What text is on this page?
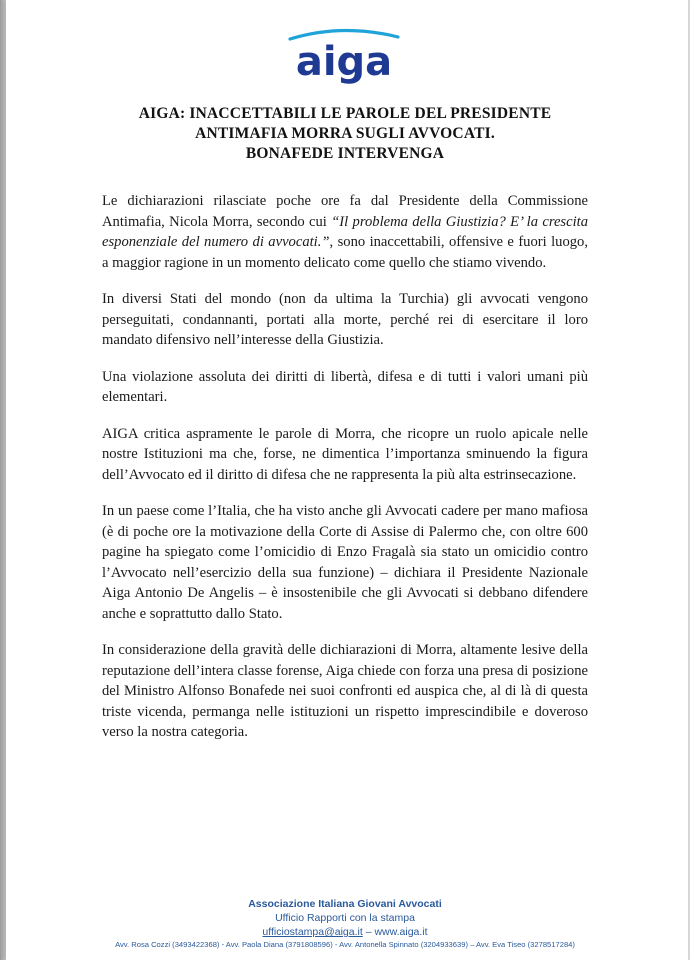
aiga
AIGA: INACCETTABILI LE PAROLE DEL PRESIDENTE
ANTIMAFIA MORRA SUGLI AVVOCATI.
BONAFEDE INTERVENGA

Le dichiarazioni rilasciate poche ore fa dal Presidente della Commissione Antimafia, Nicola Morra, secondo cui “Il problema della Giustizia? E’ la crescita esponenziale del numero di avvocati.”, sono inaccettabili, offensive e fuori luogo, a maggior ragione in un momento delicato come quello che stiamo vivendo.

In diversi Stati del mondo (non da ultima la Turchia) gli avvocati vengono perseguitati, condannanti, portati alla morte, perché rei di esercitare il loro mandato difensivo nell’interesse della Giustizia.

Una violazione assoluta dei diritti di libertà, difesa e di tutti i valori umani più elementari.

AIGA critica aspramente le parole di Morra, che ricopre un ruolo apicale nelle nostre Istituzioni ma che, forse, ne dimentica l’importanza sminuendo la figura dell’Avvocato ed il diritto di difesa che ne rappresenta la più alta estrinsecazione.

In un paese come l’Italia, che ha visto anche gli Avvocati cadere per mano mafiosa (è di poche ore la motivazione della Corte di Assise di Palermo che, con oltre 600 pagine ha spiegato come l’omicidio di Enzo Fragalà sia stato un omicidio contro l’Avvocato nell’esercizio della sua funzione) – dichiara il Presidente Nazionale Aiga Antonio De Angelis – è insostenibile che gli Avvocati si debbano difendere anche e soprattutto dallo Stato.

In considerazione della gravità delle dichiarazioni di Morra, altamente lesive della reputazione dell’intera classe forense, Aiga chiede con forza una presa di posizione del Ministro Alfonso Bonafede nei suoi confronti ed auspica che, al di là di questa triste vicenda, permanga nelle istituzioni un rispetto imprescindibile e doveroso verso la nostra categoria.

Associazione Italiana Giovani Avvocati
Ufficio Rapporti con la stampa
ufficiostampa@aiga.it – www.aiga.it
Avv. Rosa Cozzi (3493422368) - Avv. Paola Diana (3791808596) - Avv. Antonella Spinnato (3204933639) – Avv. Eva Tiseo (3278517284)
